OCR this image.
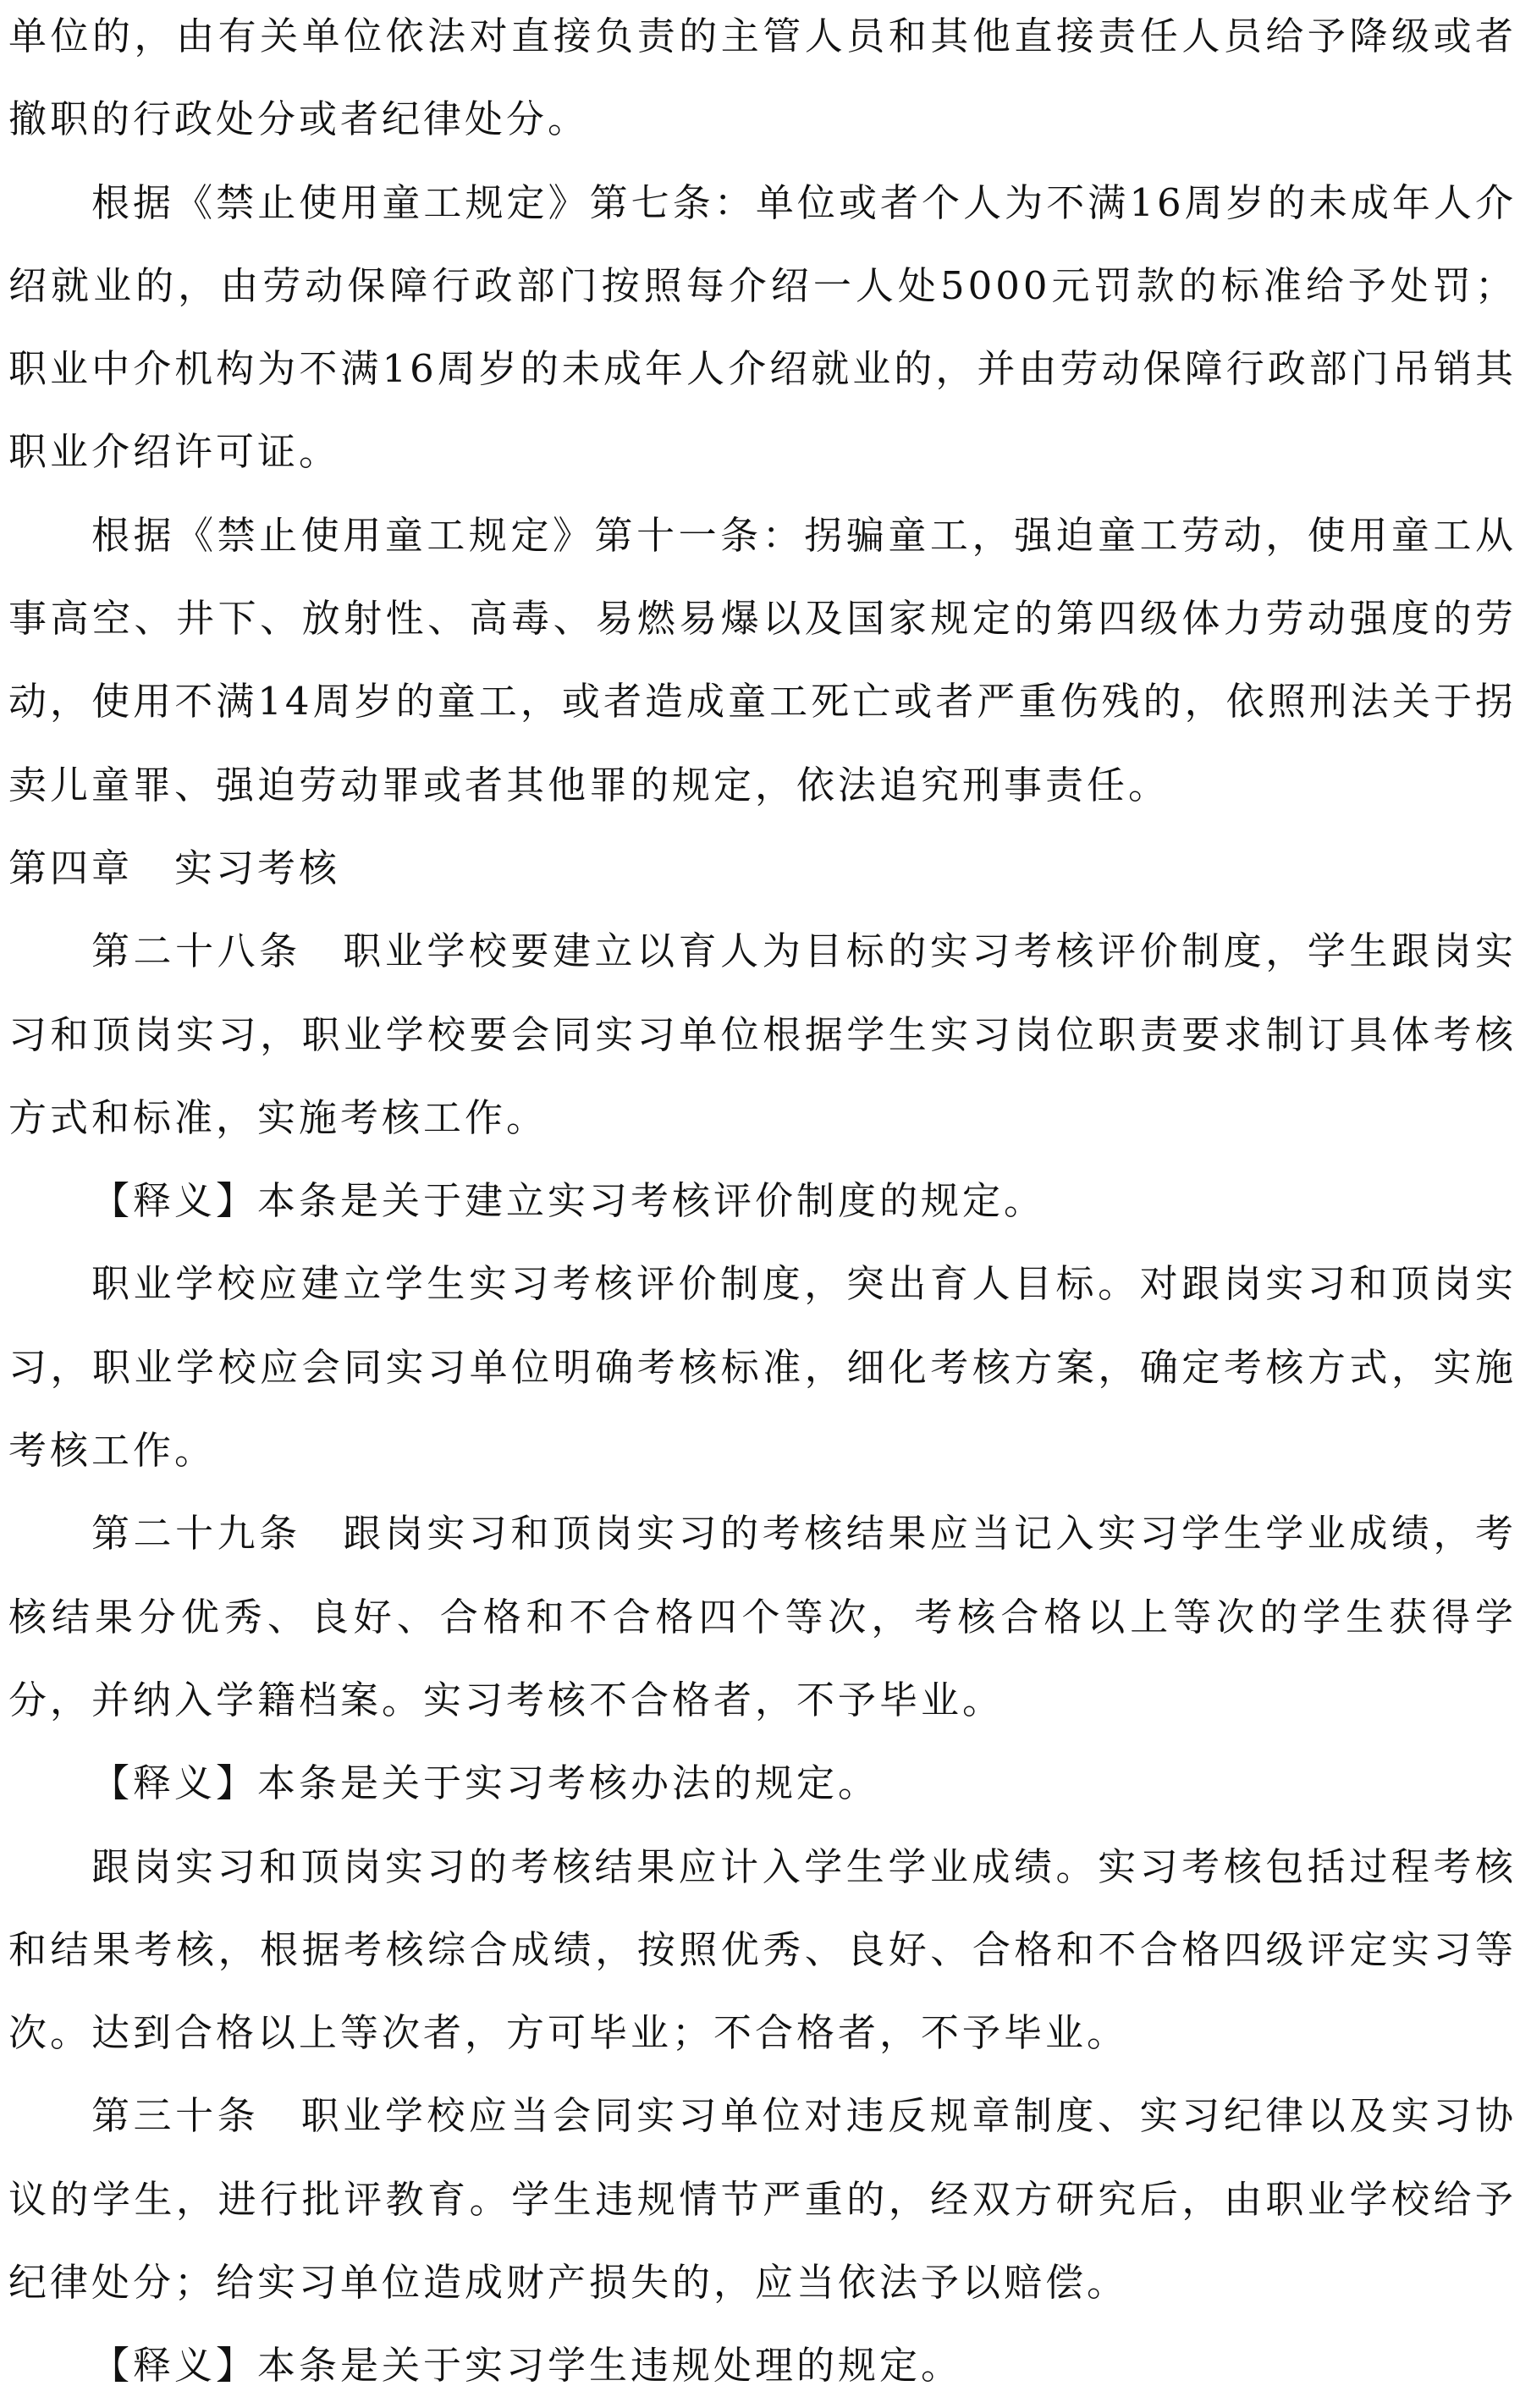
单位的，由有关单位依法对直接负责的主管人员和其他直接责任人员给予降级或者撤职的行政处分或者纪律处分。

根据《禁止使用童工规定》第七条：单位或者个人为不满16周岁的未成年人介绍就业的，由劳动保障行政部门按照每介绍一人处5000元罚款的标准给予处罚；职业中介机构为不满16周岁的未成年人介绍就业的，并由劳动保障行政部门吊销其职业介绍许可证。

根据《禁止使用童工规定》第十一条：拐骗童工，强迫童工劳动，使用童工从事高空、井下、放射性、高毒、易燃易爆以及国家规定的第四级体力劳动强度的劳动，使用不满14周岁的童工，或者造成童工死亡或者严重伤残的，依照刑法关于拐卖儿童罪、强迫劳动罪或者其他罪的规定，依法追究刑事责任。

第四章　实习考核

第二十八条　职业学校要建立以育人为目标的实习考核评价制度，学生跟岗实习和顶岗实习，职业学校要会同实习单位根据学生实习岗位职责要求制订具体考核方式和标准，实施考核工作。

【释义】本条是关于建立实习考核评价制度的规定。

职业学校应建立学生实习考核评价制度，突出育人目标。对跟岗实习和顶岗实习，职业学校应会同实习单位明确考核标准，细化考核方案，确定考核方式，实施考核工作。

第二十九条　跟岗实习和顶岗实习的考核结果应当记入实习学生学业成绩，考核结果分优秀、良好、合格和不合格四个等次，考核合格以上等次的学生获得学分，并纳入学籍档案。实习考核不合格者，不予毕业。

【释义】本条是关于实习考核办法的规定。

跟岗实习和顶岗实习的考核结果应计入学生学业成绩。实习考核包括过程考核和结果考核，根据考核综合成绩，按照优秀、良好、合格和不合格四级评定实习等次。达到合格以上等次者，方可毕业；不合格者，不予毕业。

第三十条　职业学校应当会同实习单位对违反规章制度、实习纪律以及实习协议的学生，进行批评教育。学生违规情节严重的，经双方研究后，由职业学校给予纪律处分；给实习单位造成财产损失的，应当依法予以赔偿。

【释义】本条是关于实习学生违规处理的规定。
